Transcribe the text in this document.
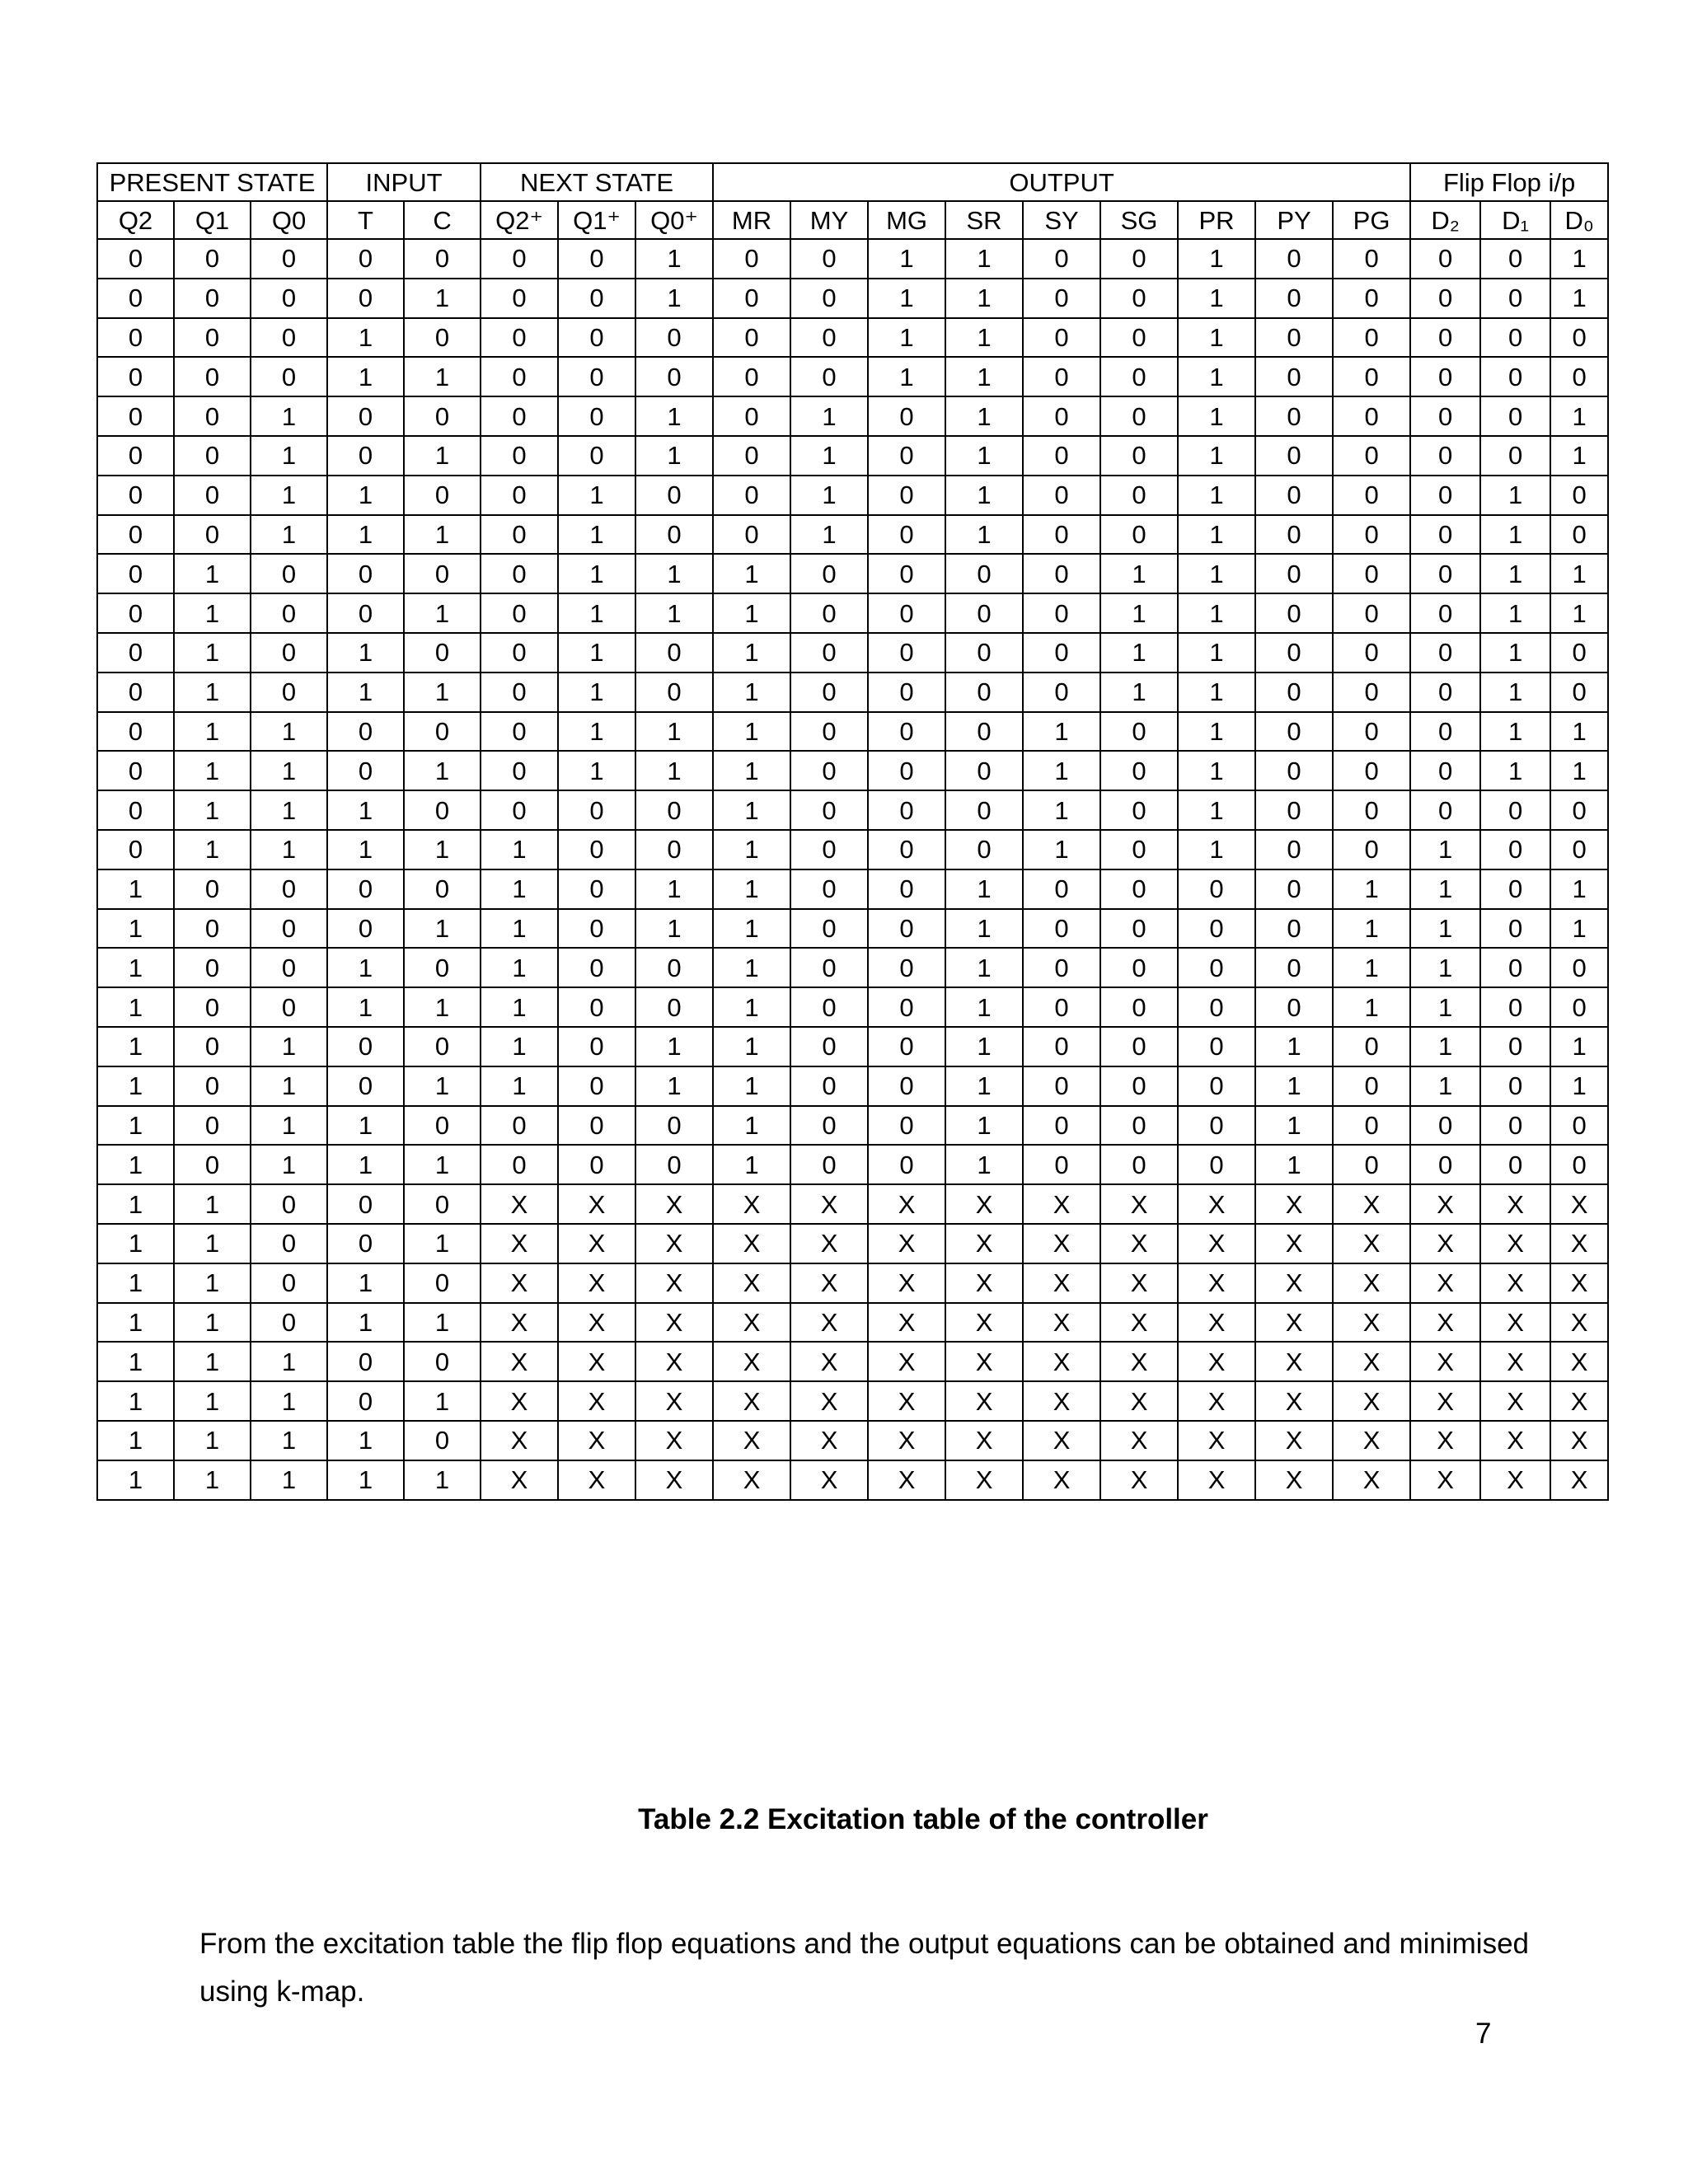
PRESENT STATE			INPUT		NEXT STATE			OUTPUT									Flip Flop i/p		
Q2	Q1	Q0	T	C	Q2⁺	Q1⁺	Q0⁺	MR	MY	MG	SR	SY	SG	PR	PY	PG	D₂	D₁	D₀
0	0	0	0	0	0	0	1	0	0	1	1	0	0	1	0	0	0	0	1
0	0	0	0	1	0	0	1	0	0	1	1	0	0	1	0	0	0	0	1
0	0	0	1	0	0	0	0	0	0	1	1	0	0	1	0	0	0	0	0
0	0	0	1	1	0	0	0	0	0	1	1	0	0	1	0	0	0	0	0
0	0	1	0	0	0	0	1	0	1	0	1	0	0	1	0	0	0	0	1
0	0	1	0	1	0	0	1	0	1	0	1	0	0	1	0	0	0	0	1
0	0	1	1	0	0	1	0	0	1	0	1	0	0	1	0	0	0	1	0
0	0	1	1	1	0	1	0	0	1	0	1	0	0	1	0	0	0	1	0
0	1	0	0	0	0	1	1	1	0	0	0	0	1	1	0	0	0	1	1
0	1	0	0	1	0	1	1	1	0	0	0	0	1	1	0	0	0	1	1
0	1	0	1	0	0	1	0	1	0	0	0	0	1	1	0	0	0	1	0
0	1	0	1	1	0	1	0	1	0	0	0	0	1	1	0	0	0	1	0
0	1	1	0	0	0	1	1	1	0	0	0	1	0	1	0	0	0	1	1
0	1	1	0	1	0	1	1	1	0	0	0	1	0	1	0	0	0	1	1
0	1	1	1	0	0	0	0	1	0	0	0	1	0	1	0	0	0	0	0
0	1	1	1	1	1	0	0	1	0	0	0	1	0	1	0	0	1	0	0
1	0	0	0	0	1	0	1	1	0	0	1	0	0	0	0	1	1	0	1
1	0	0	0	1	1	0	1	1	0	0	1	0	0	0	0	1	1	0	1
1	0	0	1	0	1	0	0	1	0	0	1	0	0	0	0	1	1	0	0
1	0	0	1	1	1	0	0	1	0	0	1	0	0	0	0	1	1	0	0
1	0	1	0	0	1	0	1	1	0	0	1	0	0	0	1	0	1	0	1
1	0	1	0	1	1	0	1	1	0	0	1	0	0	0	1	0	1	0	1
1	0	1	1	0	0	0	0	1	0	0	1	0	0	0	1	0	0	0	0
1	0	1	1	1	0	0	0	1	0	0	1	0	0	0	1	0	0	0	0
1	1	0	0	0	X	X	X	X	X	X	X	X	X	X	X	X	X	X	X
1	1	0	0	1	X	X	X	X	X	X	X	X	X	X	X	X	X	X	X
1	1	0	1	0	X	X	X	X	X	X	X	X	X	X	X	X	X	X	X
1	1	0	1	1	X	X	X	X	X	X	X	X	X	X	X	X	X	X	X
1	1	1	0	0	X	X	X	X	X	X	X	X	X	X	X	X	X	X	X
1	1	1	0	1	X	X	X	X	X	X	X	X	X	X	X	X	X	X	X
1	1	1	1	0	X	X	X	X	X	X	X	X	X	X	X	X	X	X	X
1	1	1	1	1	X	X	X	X	X	X	X	X	X	X	X	X	X	X	X
Table 2.2 Excitation table of the controller
From the excitation table the flip flop equations and the output equations can be obtained and minimised using k-map.
7
